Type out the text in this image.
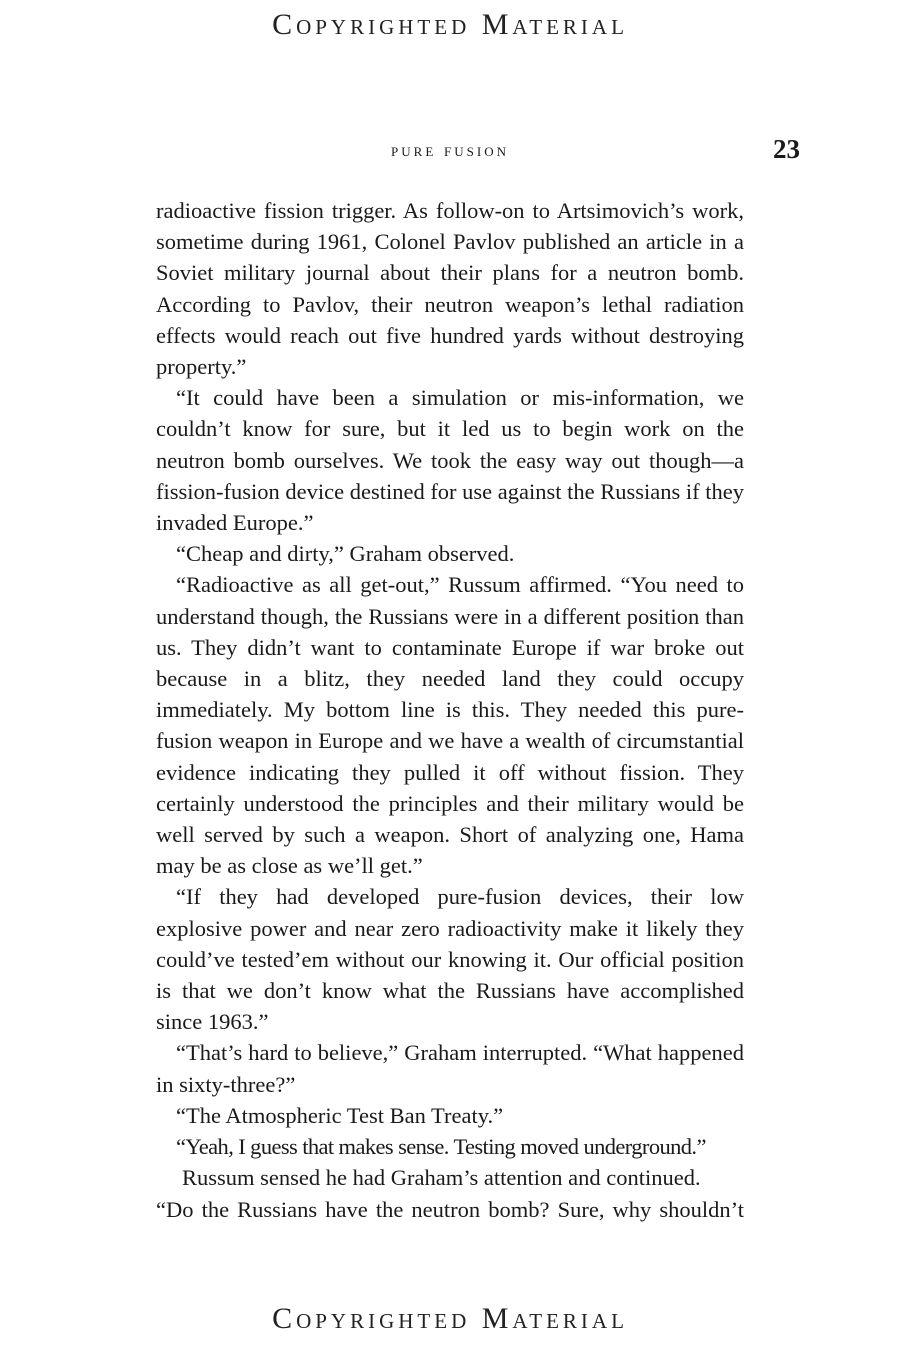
Copyrighted Material
pure fusion	23

radioactive fission trigger. As follow-on to Artsimovich’s work, sometime during 1961, Colonel Pavlov published an article in a Soviet military journal about their plans for a neutron bomb. According to Pavlov, their neutron weapon’s lethal radiation effects would reach out five hundred yards without destroying property.”

“It could have been a simulation or mis-information, we couldn’t know for sure, but it led us to begin work on the neutron bomb ourselves. We took the easy way out though—a fission-fusion device destined for use against the Russians if they invaded Europe.”

“Cheap and dirty,” Graham observed.

“Radioactive as all get-out,” Russum affirmed. “You need to understand though, the Russians were in a different position than us. They didn’t want to contaminate Europe if war broke out because in a blitz, they needed land they could occupy immediately. My bottom line is this. They needed this pure-fusion weapon in Europe and we have a wealth of circumstantial evidence indicating they pulled it off without fission. They certainly understood the principles and their military would be well served by such a weapon. Short of analyzing one, Hama may be as close as we’ll get.”

“If they had developed pure-fusion devices, their low explosive power and near zero radioactivity make it likely they could’ve tested’em without our knowing it. Our official position is that we don’t know what the Russians have accomplished since 1963.”

“That’s hard to believe,” Graham interrupted. “What happened in sixty-three?”

“The Atmospheric Test Ban Treaty.”

“Yeah, I guess that makes sense. Testing moved underground.”

Russum sensed he had Graham’s attention and continued.

“Do the Russians have the neutron bomb? Sure, why shouldn’t

Copyrighted Material
